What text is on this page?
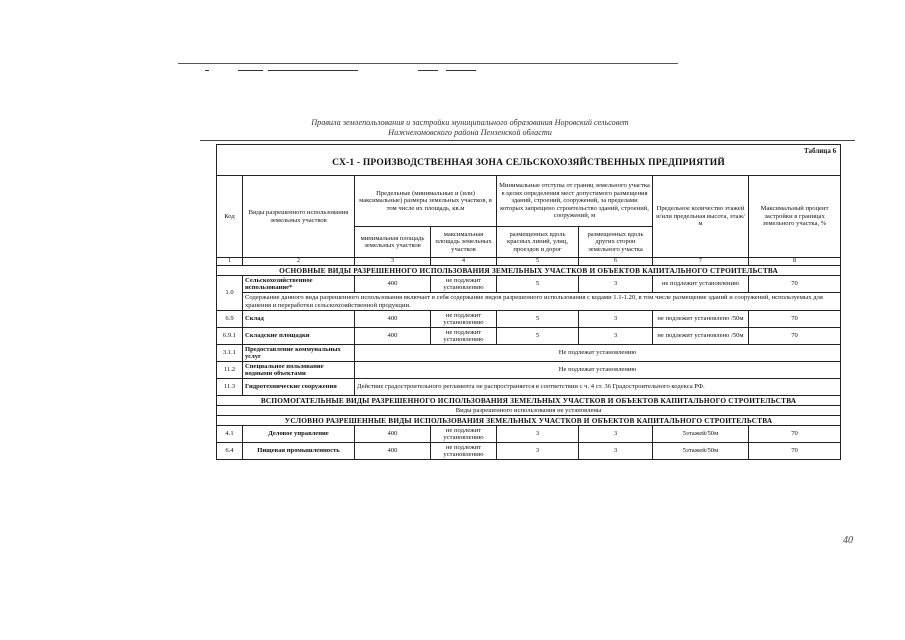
Правила землепользования и застройки муниципального образования Норовский сельсовет
Нижнеломовского района Пензенской области
Таблица 6
СХ-1 - ПРОИЗВОДСТВЕННАЯ ЗОНА СЕЛЬСКОХОЗЯЙСТВЕННЫХ ПРЕДПРИЯТИЙ							

Код	Виды разрешенного использования земельных участков	Предельные (минимальные и (или) максимальные) размеры земельных участков, в том числе их площадь, кв.м		Минимальные отступы от границ земельного участка в целях определения мест допустимого размещения зданий, строений, сооружений, за пределами которых запрещено строительство зданий, строений, сооружений, м		Предельное количество этажей и/или предельная высота, этаж/м	Максимальный процент застройки в границах земельного участка, %
		минимальная площадь земельных участков	максимальная площадь земельных участков	размещенных вдоль красных линий, улиц, проездов и дорог	размещенных вдоль других сторон земельного участка		
1	2	3	4	5	6	7	8
ОСНОВНЫЕ ВИДЫ РАЗРЕШЕННОГО ИСПОЛЬЗОВАНИЯ ЗЕМЕЛЬНЫХ УЧАСТКОВ И ОБЪЕКТОВ КАПИТАЛЬНОГО СТРОИТЕЛЬСТВА							
1.0	Сельскохозяйственное использование*	400	не подлежит установлению	5	3	не подлежит установлению	70
	Содержание данного вида разрешенного использования включает в себя содержание видов разрешенного использования с кодами 1.1-1.20, в том числе размещение зданий и сооружений, используемых для хранения и переработки сельскохозяйственной продукции.						
6.9	Склад	400	не подлежит установлению	5	3	не подлежит установлено /50м	70
6.9.1	Складские площадки	400	не подлежит установлению	5	3	не подлежит установлено /50м	70
3.1.1	Предоставление коммунальных услуг	Не подлежат установлению					
11.2	Специальное пользование водными объектами	Не подлежат установлению					
11.3	Гидротехнические сооружения	Действие градостроительного регламента не распространяется в соответствии с ч. 4 ст. 36 Градостроительного кодекса РФ.					
ВСПОМОГАТЕЛЬНЫЕ ВИДЫ РАЗРЕШЕННОГО ИСПОЛЬЗОВАНИЯ ЗЕМЕЛЬНЫХ УЧАСТКОВ И ОБЪЕКТОВ КАПИТАЛЬНОГО СТРОИТЕЛЬСТВА							
Виды разрешенного использования не установлены							
УСЛОВНО РАЗРЕШЕННЫЕ ВИДЫ ИСПОЛЬЗОВАНИЯ ЗЕМЕЛЬНЫХ УЧАСТКОВ И ОБЪЕКТОВ КАПИТАЛЬНОГО СТРОИТЕЛЬСТВА							
4.1	Деловое управление	400	не подлежит установлению	3	3	5этажей/50м	70
6.4	Пищевая промышленность	400	не подлежит установлению	3	3	5этажей/50м	70
40
